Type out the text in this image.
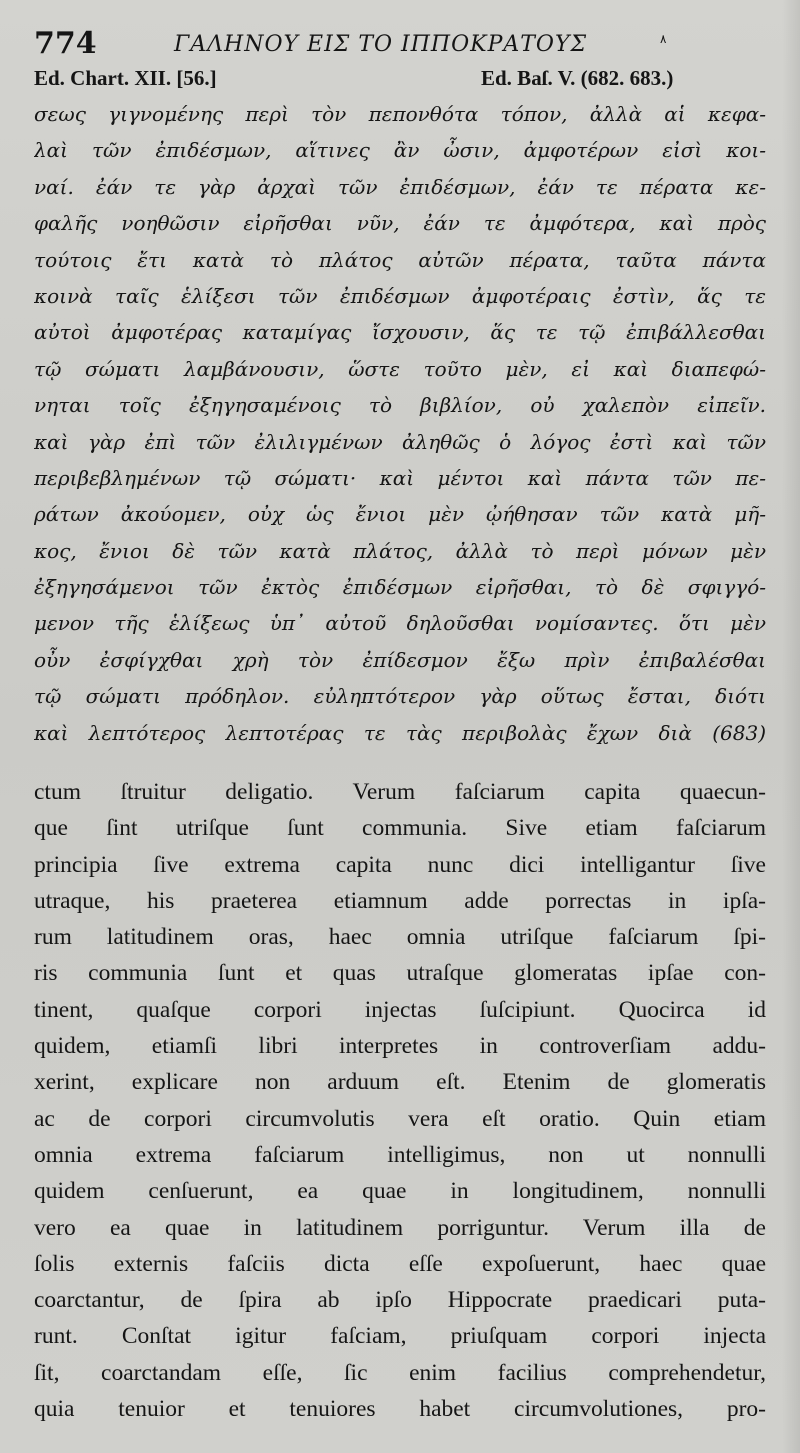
774	ΓΑΛΗΝΟΥ ΕΙΣ ΤΟ ΙΠΠΟΚΡΑΤΟΥΣ	٨
Ed. Chart. XII. [56.]	Ed. Baſ. V. (682. 683.)
σεως γιγνομένης περὶ τὸν πεπονθότα τόπον, ἀλλὰ αἱ κεφα-
λαὶ τῶν ἐπιδέσμων, αἵτινες ἂν ὦσιν, ἀμφοτέρων εἰσὶ κοι-
ναί. ἐάν τε γὰρ ἀρχαὶ τῶν ἐπιδέσμων, ἐάν τε πέρατα κε-
φαλῆς νοηθῶσιν εἰρῆσθαι νῦν, ἐάν τε ἀμφότερα, καὶ πρὸς
τούτοις ἔτι κατὰ τὸ πλάτος αὐτῶν πέρατα, ταῦτα πάντα
κοινὰ ταῖς ἑλίξεσι τῶν ἐπιδέσμων ἀμφοτέραις ἐστὶν, ἅς τε
αὐτοὶ ἀμφοτέρας καταμίγας ἴσχουσιν, ἅς τε τῷ ἐπιβάλλεσθαι
τῷ σώματι λαμβάνουσιν, ὥστε τοῦτο μὲν, εἰ καὶ διαπεφώ-
νηται τοῖς ἐξηγησαμένοις τὸ βιβλίον, οὐ χαλεπὸν εἰπεῖν.
καὶ γὰρ ἐπὶ τῶν ἐλιλιγμένων ἀληθῶς ὁ λόγος ἐστὶ καὶ τῶν
περιβεβλημένων τῷ σώματι· καὶ μέντοι καὶ πάντα τῶν πε-
ράτων ἀκούομεν, οὐχ ὡς ἔνιοι μὲν ᾠήθησαν τῶν κατὰ μῆ-
κος, ἔνιοι δὲ τῶν κατὰ πλάτος, ἀλλὰ τὸ περὶ μόνων μὲν
ἐξηγησάμενοι τῶν ἐκτὸς ἐπιδέσμων εἰρῆσθαι, τὸ δὲ σφιγγό-
μενον τῆς ἑλίξεως ὑπ᾽ αὐτοῦ δηλοῦσθαι νομίσαντες. ὅτι μὲν
οὖν ἐσφίγχθαι χρὴ τὸν ἐπίδεσμον ἔξω πρὶν ἐπιβαλέσθαι
τῷ σώματι πρόδηλον. εὐληπτότερον γὰρ οὕτως ἔσται, διότι
καὶ λεπτότερος λεπτοτέρας τε τὰς περιβολὰς ἔχων διὰ (683)
ctum ſtruitur deligatio. Verum faſciarum capita quaecun-
que ſint utriſque ſunt communia. Sive etiam faſciarum
principia ſive extrema capita nunc dici intelligantur ſive
utraque, his praeterea etiamnum adde porrectas in ipſa-
rum latitudinem oras, haec omnia utriſque faſciarum ſpi-
ris communia ſunt et quas utraſque glomeratas ipſae con-
tinent, quaſque corpori injectas ſuſcipiunt. Quocirca id
quidem, etiamſi libri interpretes in controverſiam addu-
xerint, explicare non arduum eſt. Etenim de glomeratis
ac de corpori circumvolutis vera eſt oratio. Quin etiam
omnia extrema faſciarum intelligimus, non ut nonnulli
quidem cenſuerunt, ea quae in longitudinem, nonnulli
vero ea quae in latitudinem porriguntur. Verum illa de
ſolis externis faſciis dicta eſſe expoſuerunt, haec quae
coarctantur, de ſpira ab ipſo Hippocrate praedicari puta-
runt. Conſtat igitur faſciam, priuſquam corpori injecta
ſit, coarctandam eſſe, ſic enim facilius comprehendetur,
quia tenuior et tenuiores habet circumvolutiones, pro-
